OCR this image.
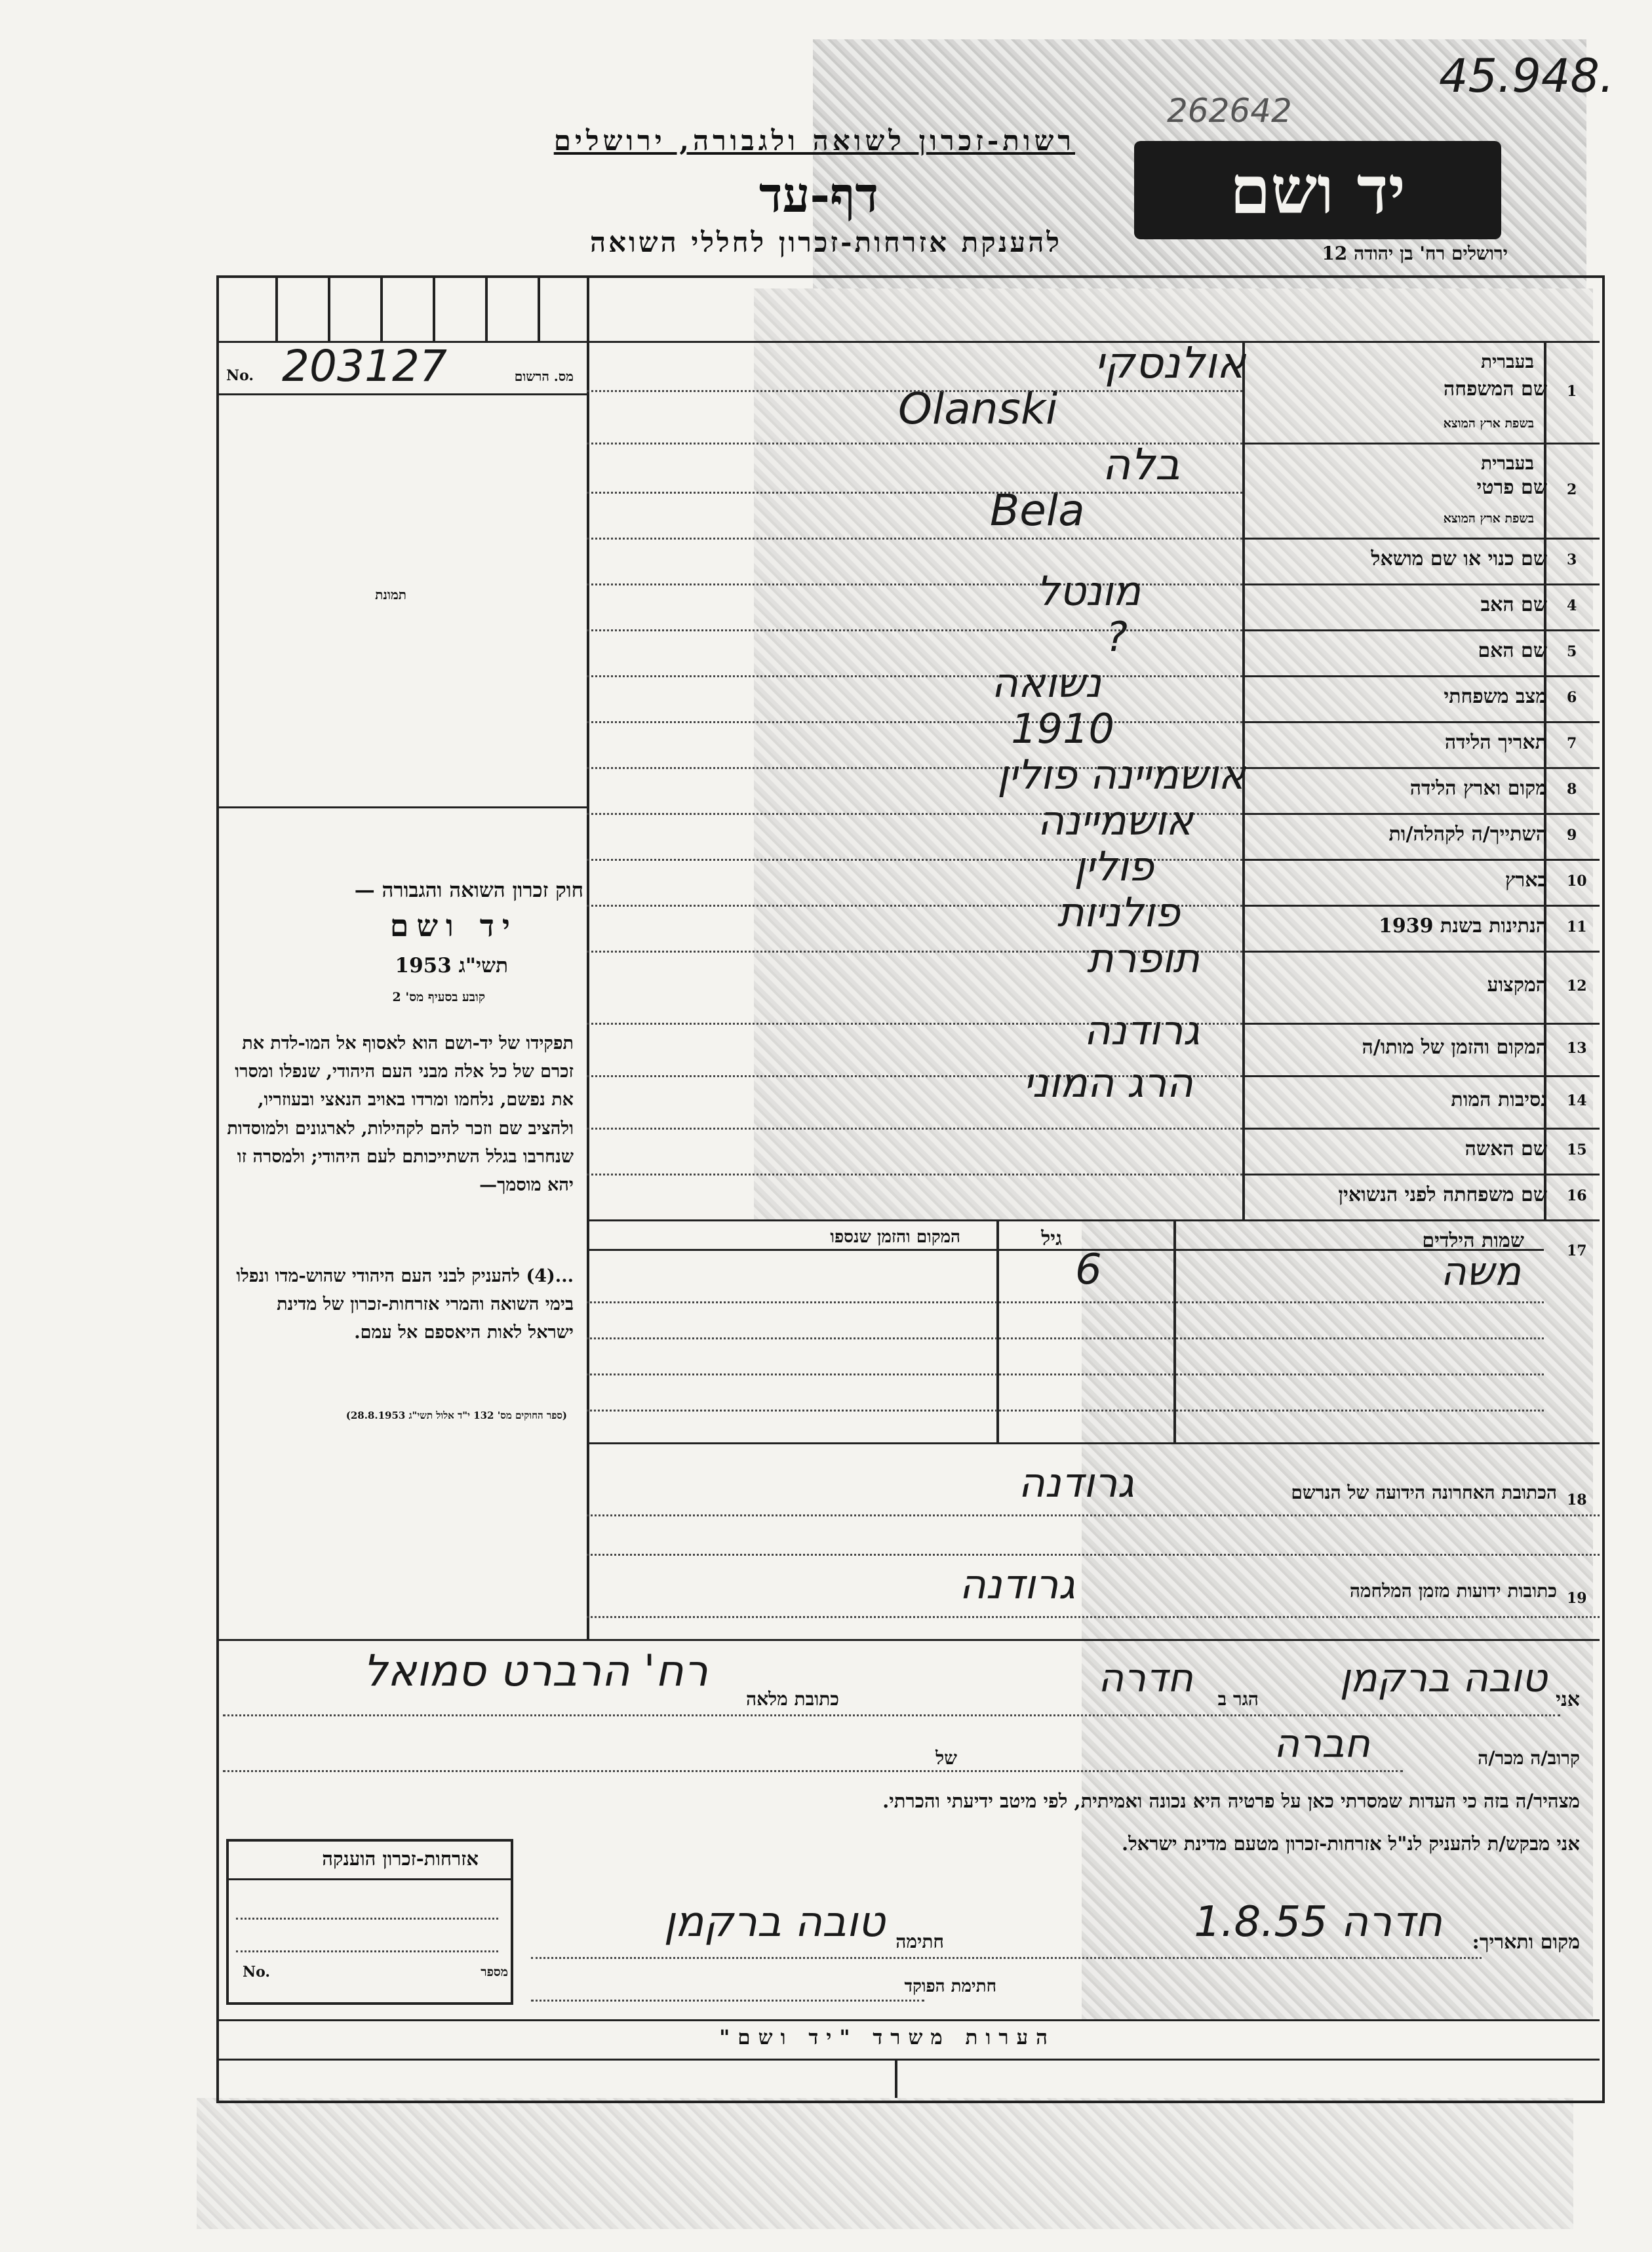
45.948.
262642
רשות-זכרון לשואה ולגבורה, ירושלים
דף-עד
להענקת אזרחות-זכרון לחללי השואה
יד ושם
ירושלים רח' בן יהודה 12
No. 203127	מס. הרשום
תמונת
חוק זכרון השואה והגבורה —
יד ושם
תשי"ג 1953
קובע בסעיף מס' 2
תפקידו של יד-ושם הוא לאסוף אל המו-לדת את זכרם של כל אלה מבני העם היהודי, שנפלו ומסרו את נפשם, נלחמו ומרדו באויב הנאצי ובעוזריו, ולהציב שם וזכר להם לקהילות, לארגונים ולמוסדות שנחרבו בגלל השתייכותם לעם היהודי; ולמסרה זו יהא מוסמך—
...(4) להעניק לבני העם היהודי שהוש-מדו ונפלו בימי השואה והמרי אזרחות-זכרון של מדינת ישראל לאות היאספם אל עמם.
(ספר החוקים מס' 132 י"ד אלול תשי"ג 28.8.1953)
1
שם המשפחה
בעברית
בשפת ארץ המוצא
אולנסקי
Olanski
2
שם פרטי
בעברית
בשפת ארץ המוצא
בלה
Bela
3
שם כנוי או שם מושאל
4
שם האב
מונטל
5
שם האם
?
6
מצב משפחתי
נשואה
7
תאריך הלידה
1910
8
מקום וארץ הלידה
אושמיינה פולין
9
השתייך/ה לקהלה/ות
אושמיינה
10
בארץ
פולין
11
הנתינות בשנת 1939
פולניות
12
המקצוע
תופרת
13
המקום והזמן של מותו/ה
גרודנה
14
נסיבות המות
הרג המוני
15
שם האשה
16
שם משפחתה לפני הנשואין
17
שמות הילדים
גיל
המקום והזמן שנספו
משה
6
18
הכתובת האחרונה הידועה של הנרשם
גרודנה
19
כתובות ידועות מזמן המלחמה
גרודנה
אני
טובה ברקמן
הגר ב
חדרה
כתובת מלאה
רח' הרברט סמואל
קרוב/ה מכר/ה
חברה
של
מצהיר/ה בזה כי העדות שמסרתי כאן על פרטיה היא נכונה ואמיתית, לפי מיטב ידיעתי והכרתי.
אני מבקש/ת להעניק לנ"ל אזרחות-זכרון מטעם מדינת ישראל.
מקום ותאריך:
חדרה 1.8.55
חתימה
טובה ברקמן
חתימת הפוקד
אזרחות-זכרון הוענקה
No.	מספר
הערות משרד "יד ושם"
